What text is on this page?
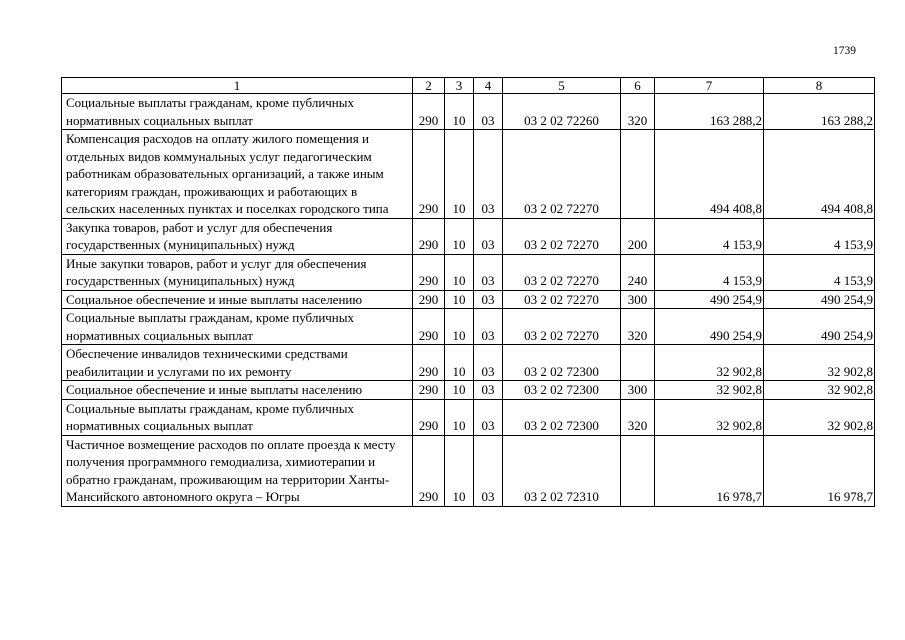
1739
1	2	3	4	5	6	7	8
Социальные выплаты гражданам, кроме публичных нормативных социальных выплат	290	10	03	03 2 02 72260	320	163 288,2	163 288,2
Компенсация расходов на оплату жилого помещения и отдельных видов коммунальных услуг педагогическим работникам образовательных организаций, а также иным категориям граждан, проживающих и работающих в сельских населенных пунктах и поселках городского типа	290	10	03	03 2 02 72270		494 408,8	494 408,8
Закупка товаров, работ и услуг для обеспечения государственных (муниципальных) нужд	290	10	03	03 2 02 72270	200	4 153,9	4 153,9
Иные закупки товаров, работ и услуг для обеспечения государственных (муниципальных) нужд	290	10	03	03 2 02 72270	240	4 153,9	4 153,9
Социальное обеспечение и иные выплаты населению	290	10	03	03 2 02 72270	300	490 254,9	490 254,9
Социальные выплаты гражданам, кроме публичных нормативных социальных выплат	290	10	03	03 2 02 72270	320	490 254,9	490 254,9
Обеспечение инвалидов техническими средствами реабилитации и услугами по их ремонту	290	10	03	03 2 02 72300		32 902,8	32 902,8
Социальное обеспечение и иные выплаты населению	290	10	03	03 2 02 72300	300	32 902,8	32 902,8
Социальные выплаты гражданам, кроме публичных нормативных социальных выплат	290	10	03	03 2 02 72300	320	32 902,8	32 902,8
Частичное возмещение расходов по оплате проезда к месту получения программного гемодиализа, химиотерапии и обратно гражданам, проживающим на территории Ханты-Мансийского автономного округа – Югры	290	10	03	03 2 02 72310		16 978,7	16 978,7
